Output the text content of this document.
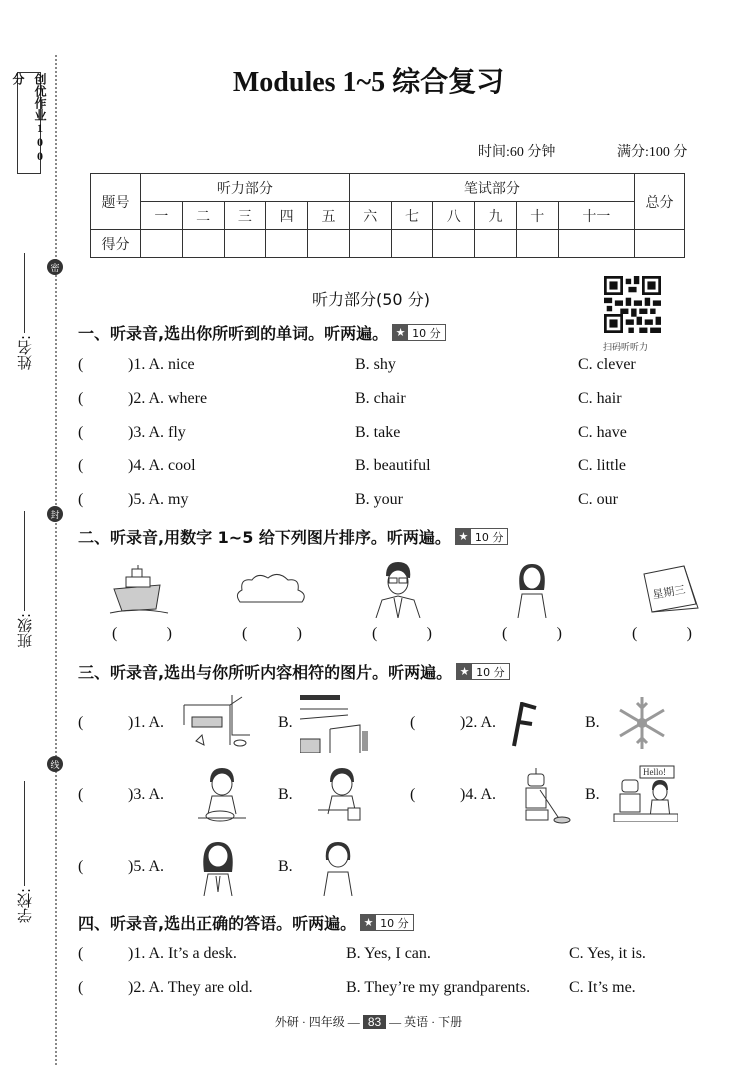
创优作业100分
密
封
线
姓名:
班级:
学校:
Modules 1~5 综合复习
时间:60 分钟	满分:100 分
题号	听力部分					笔试部分						总分
	一	二	三	四	五	六	七	八	九	十	十一	
得分												
听力部分(50 分)
扫码听听力
一、听录音,选出你所听到的单词。听两遍。 ★ 10 分
(	)1. A. nice	B. shy	C. clever
(	)2. A. where	B. chair	C. hair
(	)3. A. fly	B. take	C. have
(	)4. A. cool	B. beautiful	C. little
(	)5. A. my	B. your	C. our
二、听录音,用数字 1~5 给下列图片排序。听两遍。 ★ 10 分
星期三
(	)	(	)	(	)	(	)	(	)
三、听录音,选出与你所听内容相符的图片。听两遍。 ★ 10 分
(	)1. A.	B.	(	)2. A.	B.
(	)3. A.	B.	(	)4. A.	B.
Hello!
(	)5. A.	B.
四、听录音,选出正确的答语。听两遍。 ★ 10 分
(	)1. A. It’s a desk.	B. Yes, I can.	C. Yes, it is.
(	)2. A. They are old.	B. They’re my grandparents. C. It’s me.
外研 · 四年级 — 83 — 英语 · 下册
